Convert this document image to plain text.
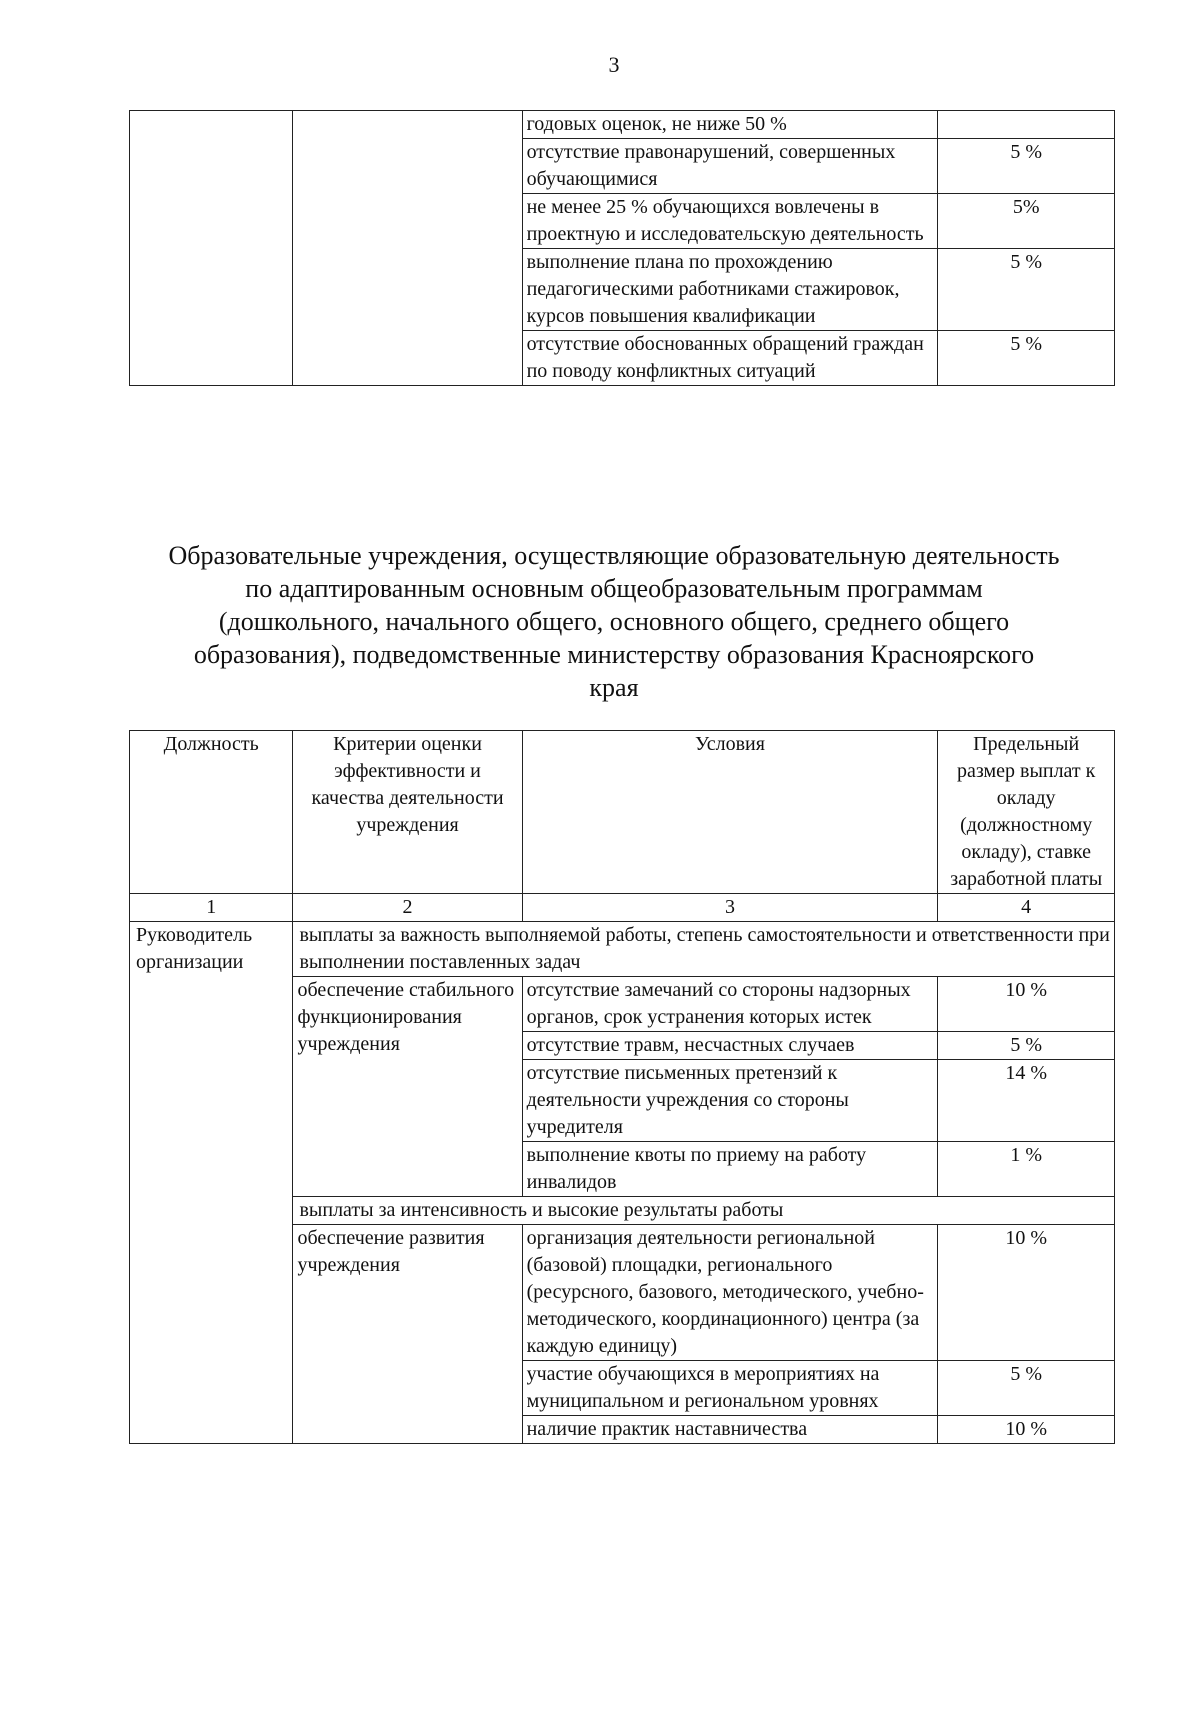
3
		годовых оценок, не ниже 50 %	
		отсутствие правонарушений, совершенных обучающимися	5 %
		не менее 25 % обучающихся вовлечены в проектную и исследовательскую деятельность	5%
		выполнение плана по прохождению педагогическими работниками стажировок, курсов повышения квалификации	5 %
		отсутствие обоснованных обращений граждан по поводу конфликтных ситуаций	5 %
Образовательные учреждения, осуществляющие образовательную деятельность
по адаптированным основным общеобразовательным программам
(дошкольного, начального общего, основного общего, среднего общего
образования), подведомственные министерству образования Красноярского
края
Должность	Критерии оценки эффективности и качества деятельности учреждения	Условия	Предельный размер выплат к окладу (должностному окладу), ставке заработной платы
1	2	3	4
Руководитель организации	выплаты за важность выполняемой работы, степень самостоятельности и ответственности при выполнении поставленных задач		
	обеспечение стабильного функционирования учреждения	отсутствие замечаний со стороны надзорных органов, срок устранения которых истек	10 %
		отсутствие травм, несчастных случаев	5 %
		отсутствие письменных претензий к деятельности учреждения со стороны учредителя	14 %
		выполнение квоты по приему на работу инвалидов	1 %
	выплаты за интенсивность и высокие результаты работы		
	обеспечение развития учреждения	организация деятельности региональной (базовой) площадки, регионального (ресурсного, базового, методического, учебно-методического, координационного) центра (за каждую единицу)	10 %
		участие обучающихся в мероприятиях на муниципальном и региональном уровнях	5 %
		наличие практик наставничества	10 %
